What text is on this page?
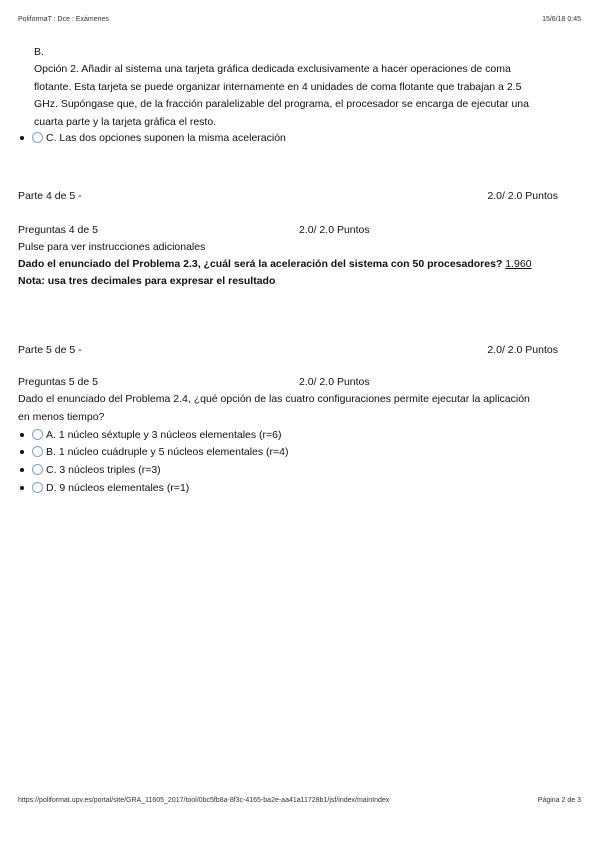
PoliformaT : Dce : Exámenes	15/6/18 0:45
B.
Opción 2. Añadir al sistema una tarjeta gráfica dedicada exclusivamente a hacer operaciones de coma flotante. Esta tarjeta se puede organizar internamente en 4 unidades de coma flotante que trabajan a 2.5 GHz. Supóngase que, de la fracción paralelizable del programa, el procesador se encarga de ejecutar una cuarta parte y la tarjeta gráfica el resto.
C. Las dos opciones suponen la misma aceleración
Parte 4 de 5 -	2.0/ 2.0 Puntos
Preguntas 4 de 5	2.0/ 2.0 Puntos
Pulse para ver instrucciones adicionales
Dado el enunciado del Problema 2.3, ¿cuál será la aceleración del sistema con 50 procesadores? 1.960
Nota: usa tres decimales para expresar el resultado
Parte 5 de 5 -	2.0/ 2.0 Puntos
Preguntas 5 de 5	2.0/ 2.0 Puntos
Dado el enunciado del Problema 2.4, ¿qué opción de las cuatro configuraciones permite ejecutar la aplicación en menos tiempo?
A. 1 núcleo séxtuple y 3 núcleos elementales (r=6)
B. 1 núcleo cuádruple y 5 núcleos elementales (r=4)
C. 3 núcleos triples (r=3)
D. 9 núcleos elementales (r=1)
https://poliformat.upv.es/portal/site/GRA_11605_2017/tool/0bc5fb8a-8f3c-4165-ba2e-aa41a11728b1/jsf/index/mainIndex	Página 2 de 3
